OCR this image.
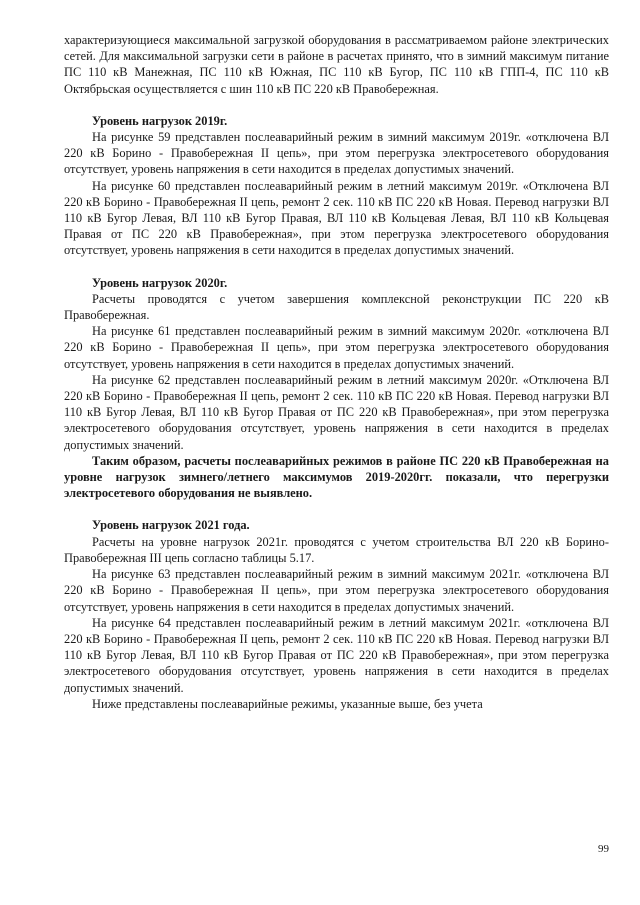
характеризующиеся максимальной загрузкой оборудования в рассматриваемом районе электрических сетей. Для максимальной загрузки сети в районе в расчетах принято, что в зимний максимум питание ПС 110 кВ Манежная, ПС 110 кВ Южная, ПС 110 кВ Бугор, ПС 110 кВ ГПП-4, ПС 110 кВ Октябрьская осуществляется с шин 110 кВ ПС 220 кВ Правобережная.

Уровень нагрузок 2019г.

На рисунке 59 представлен послеаварийный режим в зимний максимум 2019г. «отключена ВЛ 220 кВ Борино - Правобережная II цепь», при этом перегрузка электросетевого оборудования отсутствует, уровень напряжения в сети находится в пределах допустимых значений.

На рисунке 60 представлен послеаварийный режим в летний максимум 2019г. «Отключена ВЛ 220 кВ Борино - Правобережная II цепь, ремонт 2 сек. 110 кВ ПС 220 кВ Новая. Перевод нагрузки ВЛ 110 кВ Бугор Левая, ВЛ 110 кВ Бугор Правая, ВЛ 110 кВ Кольцевая Левая, ВЛ 110 кВ Кольцевая Правая от ПС 220 кВ Правобережная», при этом перегрузка электросетевого оборудования отсутствует, уровень напряжения в сети находится в пределах допустимых значений.

Уровень нагрузок 2020г.

Расчеты проводятся с учетом завершения комплексной реконструкции ПС 220 кВ Правобережная.

На рисунке 61 представлен послеаварийный режим в зимний максимум 2020г. «отключена ВЛ 220 кВ Борино - Правобережная II цепь», при этом перегрузка электросетевого оборудования отсутствует, уровень напряжения в сети находится в пределах допустимых значений.

На рисунке 62 представлен послеаварийный режим в летний максимум 2020г. «Отключена ВЛ 220 кВ Борино - Правобережная II цепь, ремонт 2 сек. 110 кВ ПС 220 кВ Новая. Перевод нагрузки ВЛ 110 кВ Бугор Левая, ВЛ 110 кВ Бугор Правая от ПС 220 кВ Правобережная», при этом перегрузка электросетевого оборудования отсутствует, уровень напряжения в сети находится в пределах допустимых значений.

Таким образом, расчеты послеаварийных режимов в районе ПС 220 кВ Правобережная на уровне нагрузок зимнего/летнего максимумов 2019-2020гг. показали, что перегрузки электросетевого оборудования не выявлено.

Уровень нагрузок 2021 года.

Расчеты на уровне нагрузок 2021г. проводятся с учетом строительства ВЛ 220 кВ Борино-Правобережная III цепь согласно таблицы 5.17.

На рисунке 63 представлен послеаварийный режим в зимний максимум 2021г. «отключена ВЛ 220 кВ Борино - Правобережная II цепь», при этом перегрузка электросетевого оборудования отсутствует, уровень напряжения в сети находится в пределах допустимых значений.

На рисунке 64 представлен послеаварийный режим в летний максимум 2021г. «отключена ВЛ 220 кВ Борино - Правобережная II цепь, ремонт 2 сек. 110 кВ ПС 220 кВ Новая. Перевод нагрузки ВЛ 110 кВ Бугор Левая, ВЛ 110 кВ Бугор Правая от ПС 220 кВ Правобережная», при этом перегрузка электросетевого оборудования отсутствует, уровень напряжения в сети находится в пределах допустимых значений.

Ниже представлены послеаварийные режимы, указанные выше, без учета

99
